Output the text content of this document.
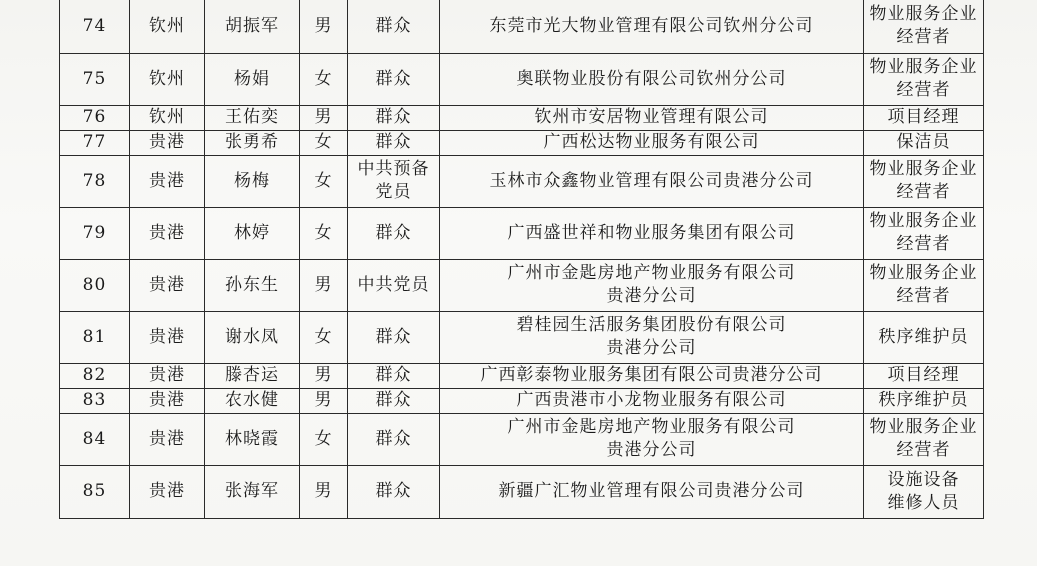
74	钦州	胡振军	男	群众	东莞市光大物业管理有限公司钦州分公司	物业服务企业
经营者
75	钦州	杨娟	女	群众	奥联物业股份有限公司钦州分公司	物业服务企业
经营者
76	钦州	王佑奕	男	群众	钦州市安居物业管理有限公司	项目经理
77	贵港	张勇希	女	群众	广西松达物业服务有限公司	保洁员
78	贵港	杨梅	女	中共预备
党员	玉林市众鑫物业管理有限公司贵港分公司	物业服务企业
经营者
79	贵港	林婷	女	群众	广西盛世祥和物业服务集团有限公司	物业服务企业
经营者
80	贵港	孙东生	男	中共党员	广州市金匙房地产物业服务有限公司
贵港分公司	物业服务企业
经营者
81	贵港	谢水凤	女	群众	碧桂园生活服务集团股份有限公司
贵港分公司	秩序维护员
82	贵港	滕杏运	男	群众	广西彰泰物业服务集团有限公司贵港分公司	项目经理
83	贵港	农水健	男	群众	广西贵港市小龙物业服务有限公司	秩序维护员
84	贵港	林晓霞	女	群众	广州市金匙房地产物业服务有限公司
贵港分公司	物业服务企业
经营者
85	贵港	张海军	男	群众	新疆广汇物业管理有限公司贵港分公司	设施设备
维修人员
